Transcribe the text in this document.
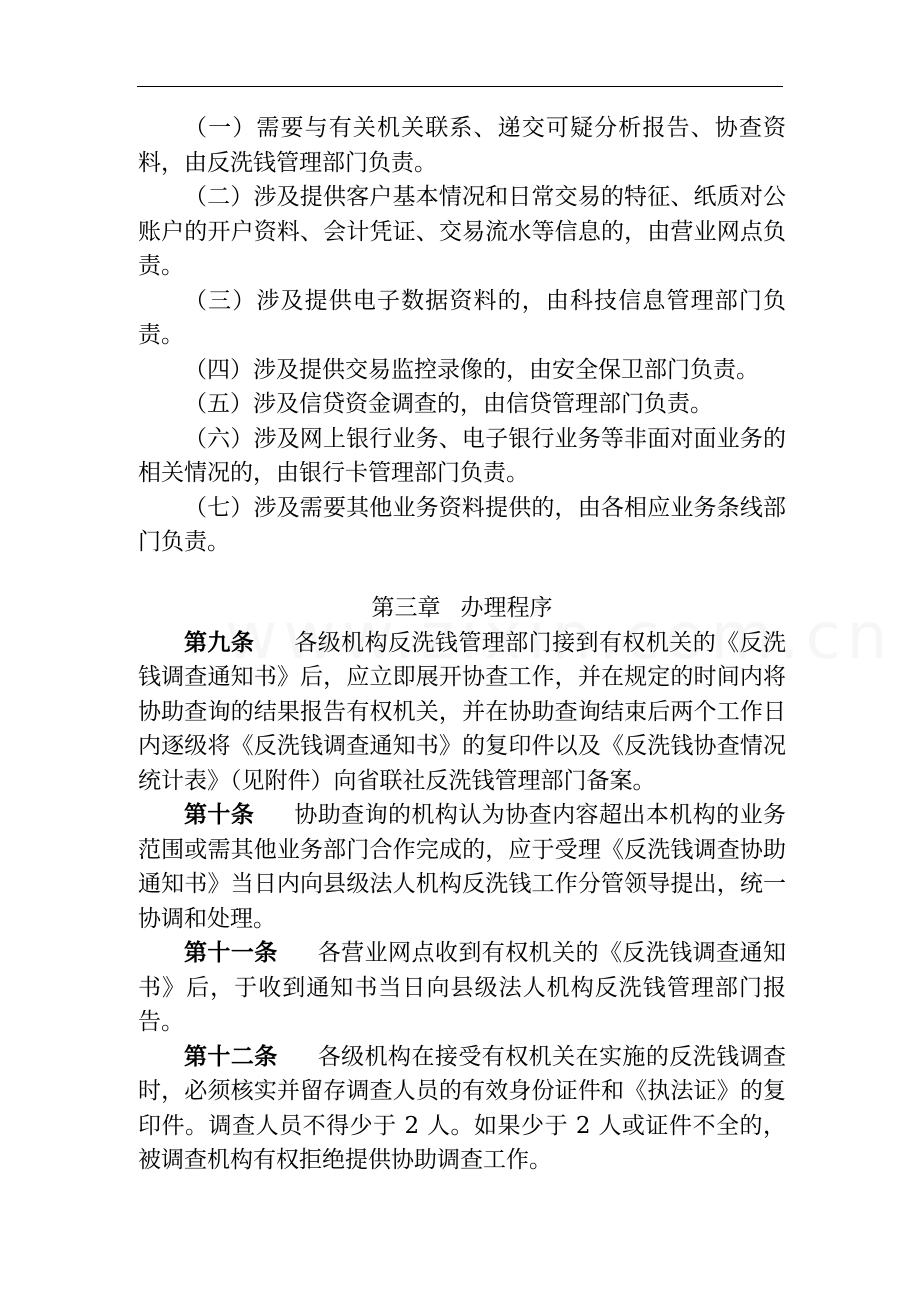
（一）需要与有关机关联系、递交可疑分析报告、协查资料，由反洗钱管理部门负责。

（二）涉及提供客户基本情况和日常交易的特征、纸质对公账户的开户资料、会计凭证、交易流水等信息的，由营业网点负责。

（三）涉及提供电子数据资料的，由科技信息管理部门负责。

（四）涉及提供交易监控录像的，由安全保卫部门负责。

（五）涉及信贷资金调查的，由信贷管理部门负责。

（六）涉及网上银行业务、电子银行业务等非面对面业务的相关情况的，由银行卡管理部门负责。

（七）涉及需要其他业务资料提供的，由各相应业务条线部门负责。

第三章 办理程序

第九条 各级机构反洗钱管理部门接到有权机关的《反洗钱调查通知书》后，应立即展开协查工作，并在规定的时间内将协助查询的结果报告有权机关，并在协助查询结束后两个工作日内逐级将《反洗钱调查通知书》的复印件以及《反洗钱协查情况统计表》（见附件）向省联社反洗钱管理部门备案。

第十条 协助查询的机构认为协查内容超出本机构的业务范围或需其他业务部门合作完成的，应于受理《反洗钱调查协助通知书》当日内向县级法人机构反洗钱工作分管领导提出，统一协调和处理。

第十一条 各营业网点收到有权机关的《反洗钱调查通知书》后，于收到通知书当日向县级法人机构反洗钱管理部门报告。

第十二条 各级机构在接受有权机关在实施的反洗钱调查时，必须核实并留存调查人员的有效身份证件和《执法证》的复印件。调查人员不得少于 2 人。如果少于 2 人或证件不全的，被调查机构有权拒绝提供协助调查工作。
